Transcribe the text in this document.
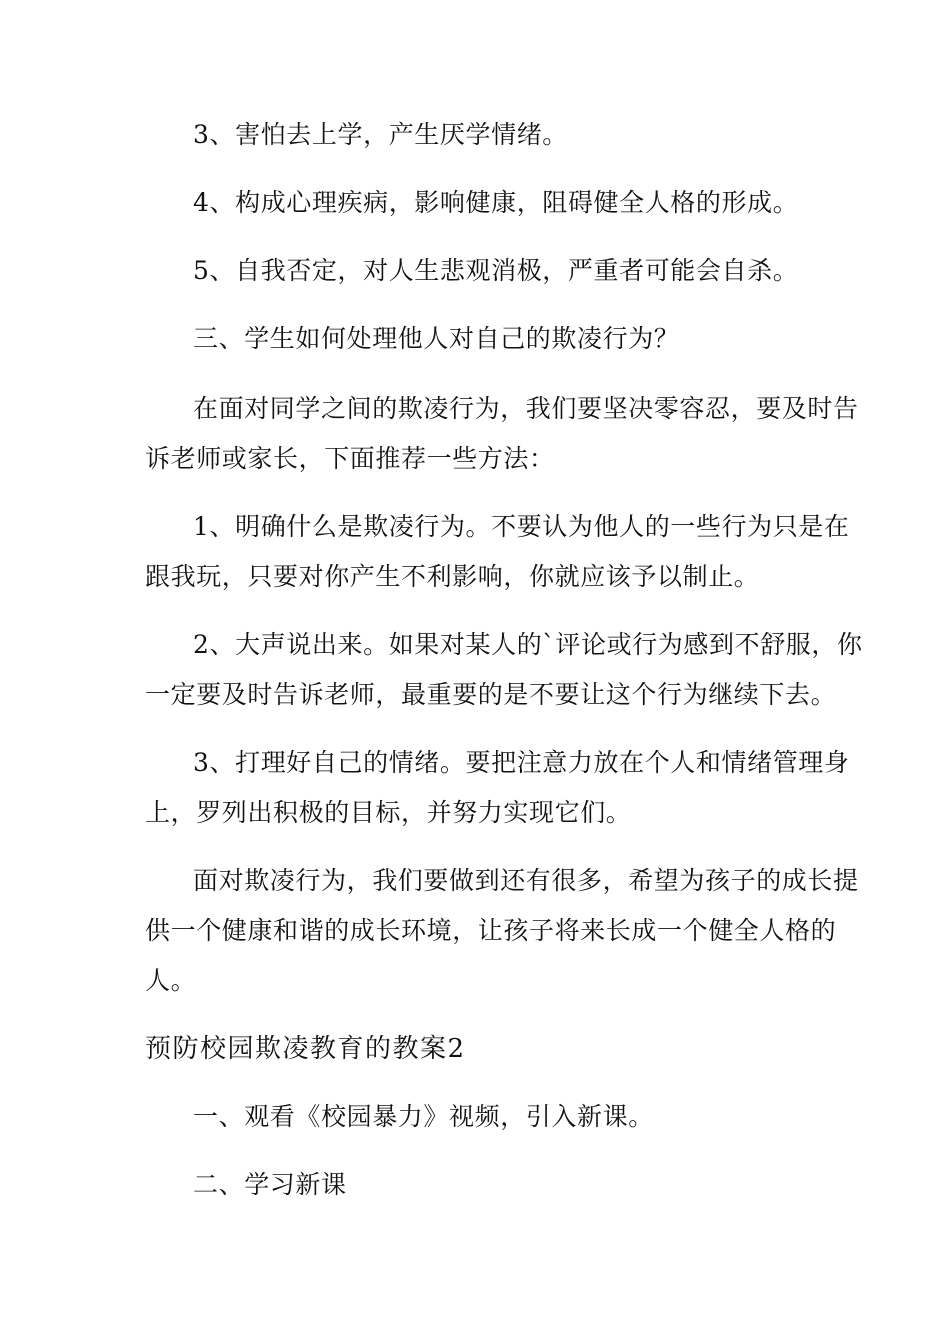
3、害怕去上学，产生厌学情绪。
4、构成心理疾病，影响健康，阻碍健全人格的形成。
5、自我否定，对人生悲观消极，严重者可能会自杀。
三、学生如何处理他人对自己的欺凌行为？
在面对同学之间的欺凌行为，我们要坚决零容忍，要及时告
诉老师或家长，下面推荐一些方法：
1、明确什么是欺凌行为。不要认为他人的一些行为只是在
跟我玩，只要对你产生不利影响，你就应该予以制止。
2、大声说出来。如果对某人的`评论或行为感到不舒服，你
一定要及时告诉老师，最重要的是不要让这个行为继续下去。
3、打理好自己的情绪。要把注意力放在个人和情绪管理身
上，罗列出积极的目标，并努力实现它们。
面对欺凌行为，我们要做到还有很多，希望为孩子的成长提
供一个健康和谐的成长环境，让孩子将来长成一个健全人格的
人。
预防校园欺凌教育的教案2
一、观看《校园暴力》视频，引入新课。
二、学习新课
